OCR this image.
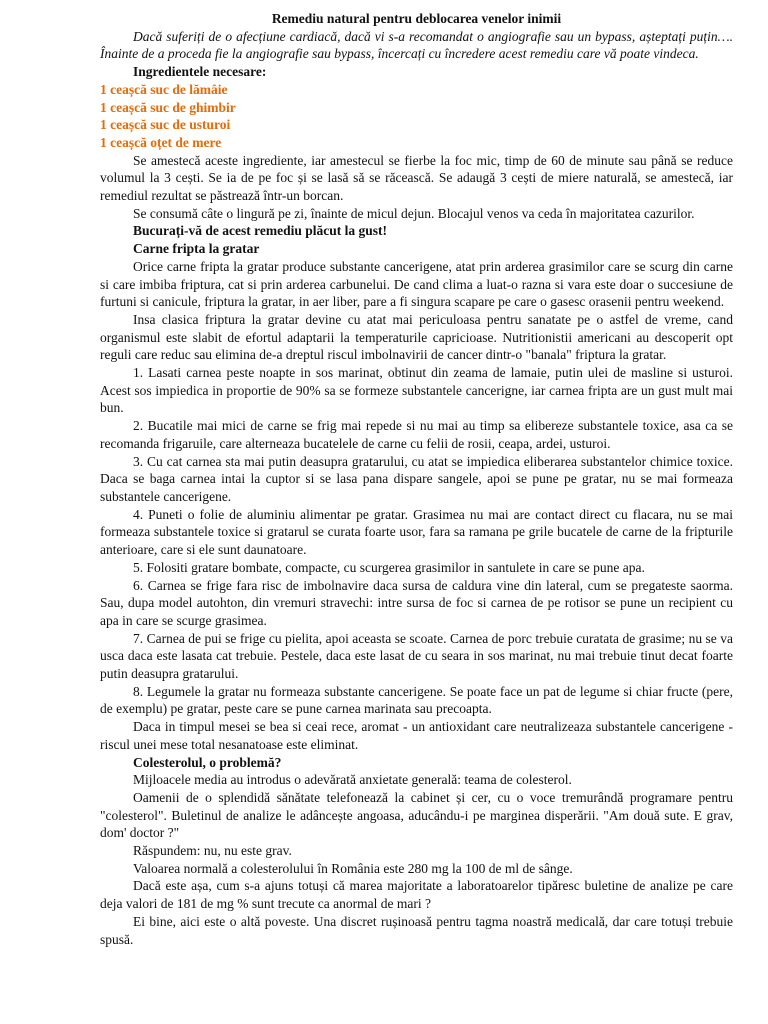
Remediu natural pentru deblocarea venelor inimii

Dacă suferiți de o afecțiune cardiacă, dacă vi s-a recomandat o angiografie sau un bypass, așteptați puțin…. Înainte de a proceda fie la angiografie sau bypass, încercați cu încredere acest remediu care vă poate vindeca.

Ingredientele necesare:

1 ceașcă suc de lămâie

1 ceașcă suc de ghimbir

1 ceașcă suc de usturoi

1 ceașcă oțet de mere

Se amestecă aceste ingrediente, iar amestecul se fierbe la foc mic, timp de 60 de minute sau până se reduce volumul la 3 cești. Se ia de pe foc și se lasă să se răcească. Se adaugă 3 cești de miere naturală, se amestecă, iar remediul rezultat se păstrează într-un borcan.

Se consumă câte o lingură pe zi, înainte de micul dejun. Blocajul venos va ceda în majoritatea cazurilor.

Bucurați-vă de acest remediu plăcut la gust!

Carne fripta la gratar

Orice carne fripta la gratar produce substante cancerigene, atat prin arderea grasimilor care se scurg din carne si care imbiba friptura, cat si prin arderea carbunelui. De cand clima a luat-o razna si vara este doar o succesiune de furtuni si canicule, friptura la gratar, in aer liber, pare a fi singura scapare pe care o gasesc orasenii pentru weekend.

Insa clasica friptura la gratar devine cu atat mai periculoasa pentru sanatate pe o astfel de vreme, cand organismul este slabit de efortul adaptarii la temperaturile capricioase. Nutritionistii americani au descoperit opt reguli care reduc sau elimina de-a dreptul riscul imbolnavirii de cancer dintr-o "banala" friptura la gratar.

1. Lasati carnea peste noapte in sos marinat, obtinut din zeama de lamaie, putin ulei de masline si usturoi. Acest sos impiedica in proportie de 90% sa se formeze substantele cancerigne, iar carnea fripta are un gust mult mai bun.

2. Bucatile mai mici de carne se frig mai repede si nu mai au timp sa elibereze substantele toxice, asa ca se recomanda frigaruile, care alterneaza bucatelele de carne cu felii de rosii, ceapa, ardei, usturoi.

3. Cu cat carnea sta mai putin deasupra gratarului, cu atat se impiedica eliberarea substantelor chimice toxice. Daca se baga carnea intai la cuptor si se lasa pana dispare sangele, apoi se pune pe gratar, nu se mai formeaza substantele cancerigene.

4. Puneti o folie de aluminiu alimentar pe gratar. Grasimea nu mai are contact direct cu flacara, nu se mai formeaza substantele toxice si gratarul se curata foarte usor, fara sa ramana pe grile bucatele de carne de la fripturile anterioare, care si ele sunt daunatoare.

5. Folositi gratare bombate, compacte, cu scurgerea grasimilor in santulete in care se pune apa.

6. Carnea se frige fara risc de imbolnavire daca sursa de caldura vine din lateral, cum se pregateste saorma. Sau, dupa model autohton, din vremuri stravechi: intre sursa de foc si carnea de pe rotisor se pune un recipient cu apa in care se scurge grasimea.

7. Carnea de pui se frige cu pielita, apoi aceasta se scoate. Carnea de porc trebuie curatata de grasime; nu se va usca daca este lasata cat trebuie. Pestele, daca este lasat de cu seara in sos marinat, nu mai trebuie tinut decat foarte putin deasupra gratarului.

8. Legumele la gratar nu formeaza substante cancerigene. Se poate face un pat de legume si chiar fructe (pere, de exemplu) pe gratar, peste care se pune carnea marinata sau precoapta.

Daca in timpul mesei se bea si ceai rece, aromat - un antioxidant care neutralizeaza substantele cancerigene - riscul unei mese total nesanatoase este eliminat.

Colesterolul, o problemă?

Mijloacele media au introdus o adevărată anxietate generală: teama de colesterol.

Oamenii de o splendidă sănătate telefonează la cabinet și cer, cu o voce tremurândă programare pentru "colesterol". Buletinul de analize le adâncește angoasa, aducându-i pe marginea disperării. "Am două sute. E grav, dom' doctor ?"

Răspundem: nu, nu este grav.

Valoarea normală a colesterolului în România este 280 mg la 100 de ml de sânge.

Dacă este așa, cum s-a ajuns totuși că marea majoritate a laboratoarelor tipăresc buletine de analize pe care deja valori de 181 de mg % sunt trecute ca anormal de mari ?

Ei bine, aici este o altă poveste. Una discret rușinoasă pentru tagma noastră medicală, dar care totuși trebuie spusă.
